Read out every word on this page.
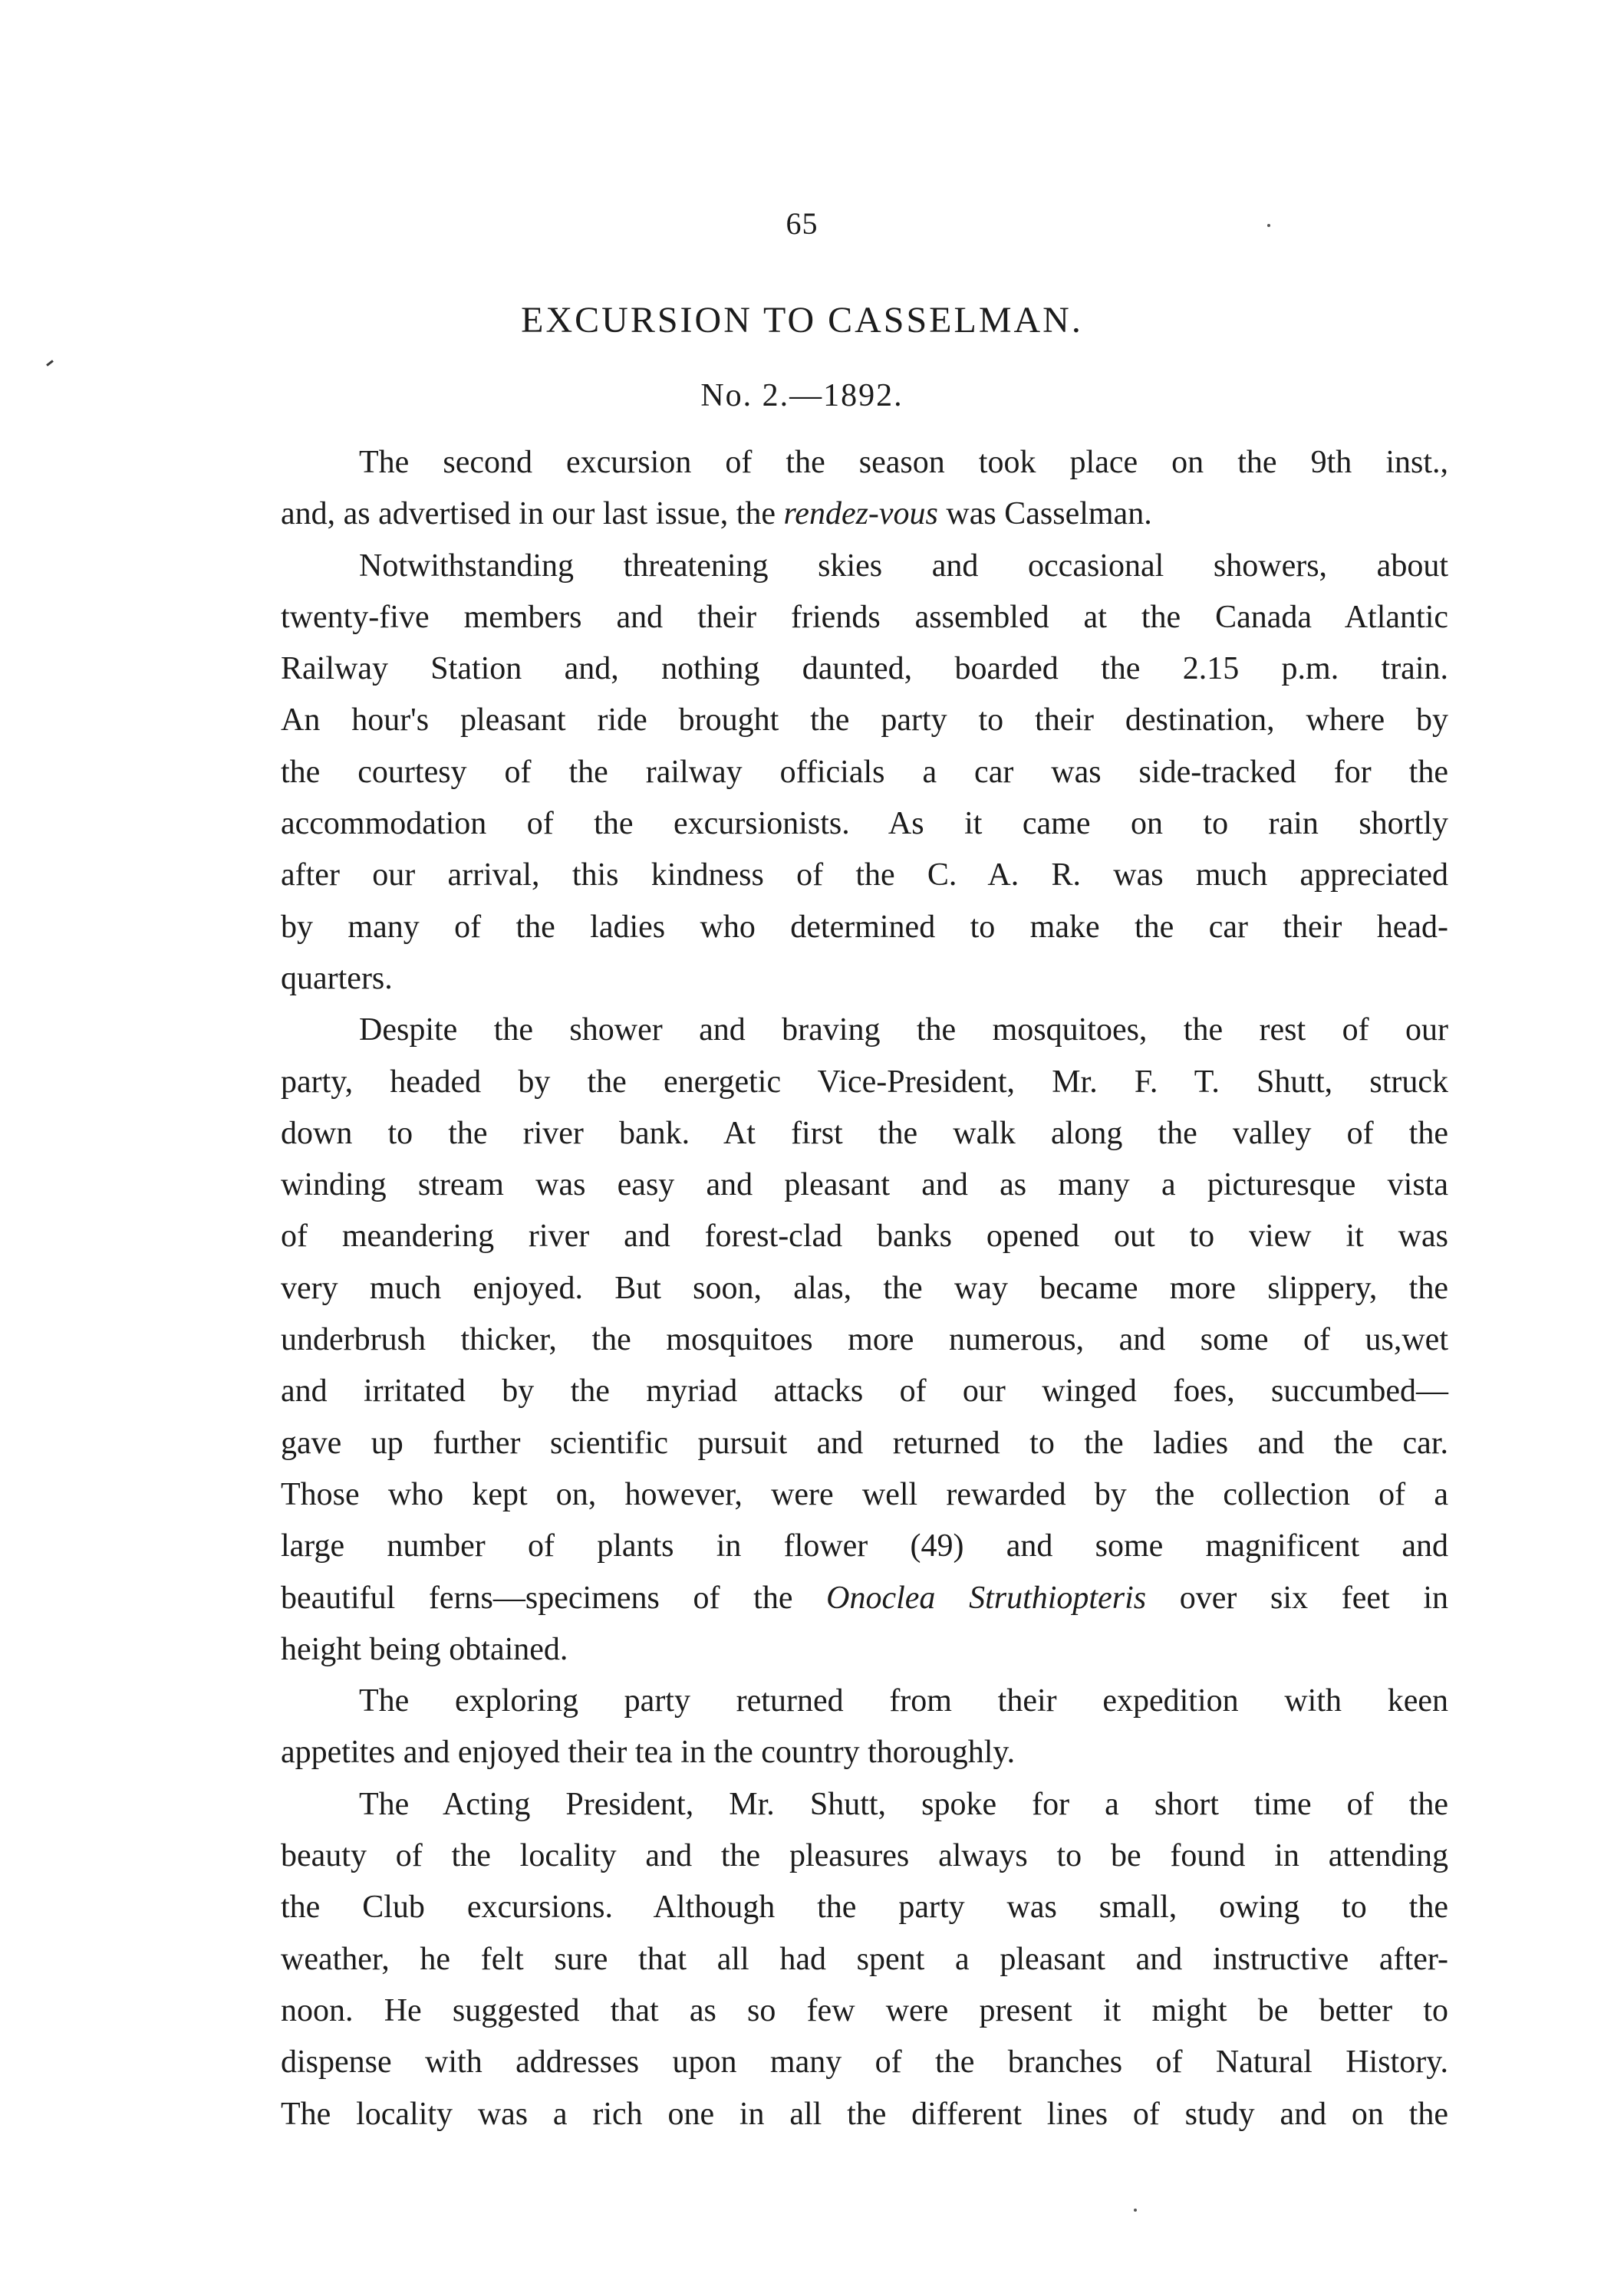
65
EXCURSION TO CASSELMAN.
No. 2.—1892.
The second excursion of the season took place on the 9th inst.,
and, as advertised in our last issue, the rendez-vous was Casselman.
Notwithstanding threatening skies and occasional showers, about
twenty-five members and their friends assembled at the Canada Atlantic
Railway Station and, nothing daunted, boarded the 2.15 p.m. train.
An hour's pleasant ride brought the party to their destination, where by
the courtesy of the railway officials a car was side-tracked for the
accommodation of the excursionists. As it came on to rain shortly
after our arrival, this kindness of the C. A. R. was much appreciated
by many of the ladies who determined to make the car their head-
quarters.
Despite the shower and braving the mosquitoes, the rest of our
party, headed by the energetic Vice-President, Mr. F. T. Shutt, struck
down to the river bank. At first the walk along the valley of the
winding stream was easy and pleasant and as many a picturesque vista
of meandering river and forest-clad banks opened out to view it was
very much enjoyed. But soon, alas, the way became more slippery, the
underbrush thicker, the mosquitoes more numerous, and some of us,wet
and irritated by the myriad attacks of our winged foes, succumbed—
gave up further scientific pursuit and returned to the ladies and the car.
Those who kept on, however, were well rewarded by the collection of a
large number of plants in flower (49) and some magnificent and
beautiful ferns—specimens of the Onoclea Struthiopteris over six feet in
height being obtained.
The exploring party returned from their expedition with keen
appetites and enjoyed their tea in the country thoroughly.
The Acting President, Mr. Shutt, spoke for a short time of the
beauty of the locality and the pleasures always to be found in attending
the Club excursions. Although the party was small, owing to the
weather, he felt sure that all had spent a pleasant and instructive after-
noon. He suggested that as so few were present it might be better to
dispense with addresses upon many of the branches of Natural History.
The locality was a rich one in all the different lines of study and on the
